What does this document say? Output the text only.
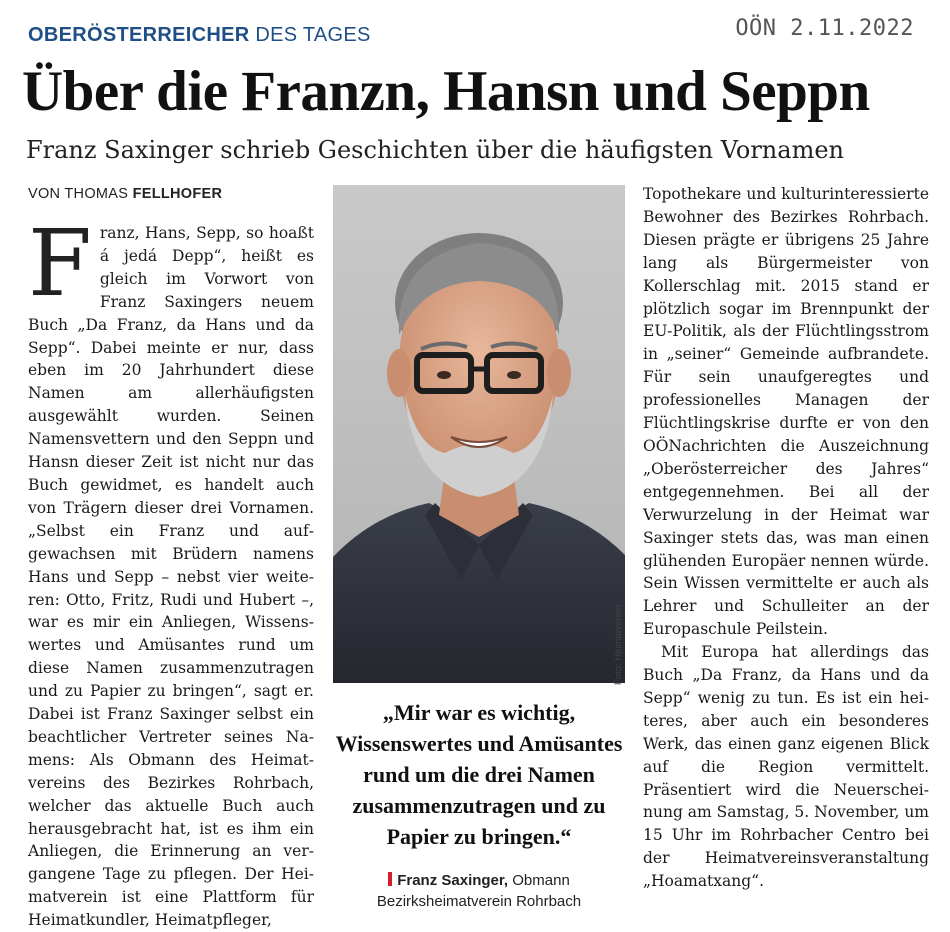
OBERÖSTERREICHER DES TAGES	OÖN 2.11.2022
Über die Franzn, Hansn und Seppn
Franz Saxinger schrieb Geschichten über die häufigsten Vornamen
VON THOMAS FELLHOFER
F ranz, Hans, Sepp, so hoaßt á jedá Depp“, heißt es gleich im Vorwort von Franz Saxingers neuem Buch „Da Franz, da Hans und da Sepp“. Dabei meinte er nur, dass eben im 20 Jahrhundert diese Namen am allerhäufigsten ausgewählt wurden. Seinen Namensvettern und den Seppn und Hansn dieser Zeit ist nicht nur das Buch gewidmet, es handelt auch von Trägern dieser drei Vornamen. „Selbst ein Franz und aufgewachsen mit Brüdern namens Hans und Sepp – nebst vier weiteren: Otto, Fritz, Rudi und Hubert –, war es mir ein Anliegen, Wissenswertes und Amüsantes rund um diese Namen zusammenzutragen und zu Papier zu bringen“, sagt er. Dabei ist Franz Saxinger selbst ein beachtlicher Vertreter seines Namens: Als Obmann des Heimatvereins des Bezirkes Rohrbach, welcher das aktuelle Buch auch herausgebracht hat, ist es ihm ein Anliegen, die Erinnerung an vergangene Tage zu pflegen. Der Heimatverein ist eine Plattform für Heimatkundler, Heimatpfleger,

Foto: Heimatverein
„Mir war es wichtig, Wissenswertes und Amüsantes rund um die drei Namen zusammenzutragen und zu Papier zu bringen.“
Franz Saxinger, Obmann
Bezirksheimatverein Rohrbach

Topothekare und kulturinteressierte Bewohner des Bezirkes Rohrbach. Diesen prägte er übrigens 25 Jahre lang als Bürgermeister von Kollerschlag mit. 2015 stand er plötzlich sogar im Brennpunkt der EU-Politik, als der Flüchtlingsstrom in „seiner“ Gemeinde aufbrandete. Für sein unaufgeregtes und professionelles Managen der Flüchtlingskrise durfte er von den OÖNachrichten die Auszeichnung „Oberösterreicher des Jahres“ entgegennehmen. Bei all der Verwurzelung in der Heimat war Saxinger stets das, was man einen glühenden Europäer nennen würde. Sein Wissen vermittelte er auch als Lehrer und Schulleiter an der Europaschule Peilstein.

Mit Europa hat allerdings das Buch „Da Franz, da Hans und da Sepp“ wenig zu tun. Es ist ein heiteres, aber auch ein besonderes Werk, das einen ganz eigenen Blick auf die Region vermittelt. Präsentiert wird die Neuerscheinung am Samstag, 5. November, um 15 Uhr im Rohrbacher Centro bei der Heimatvereinsveranstaltung „Hoamatxang“.
